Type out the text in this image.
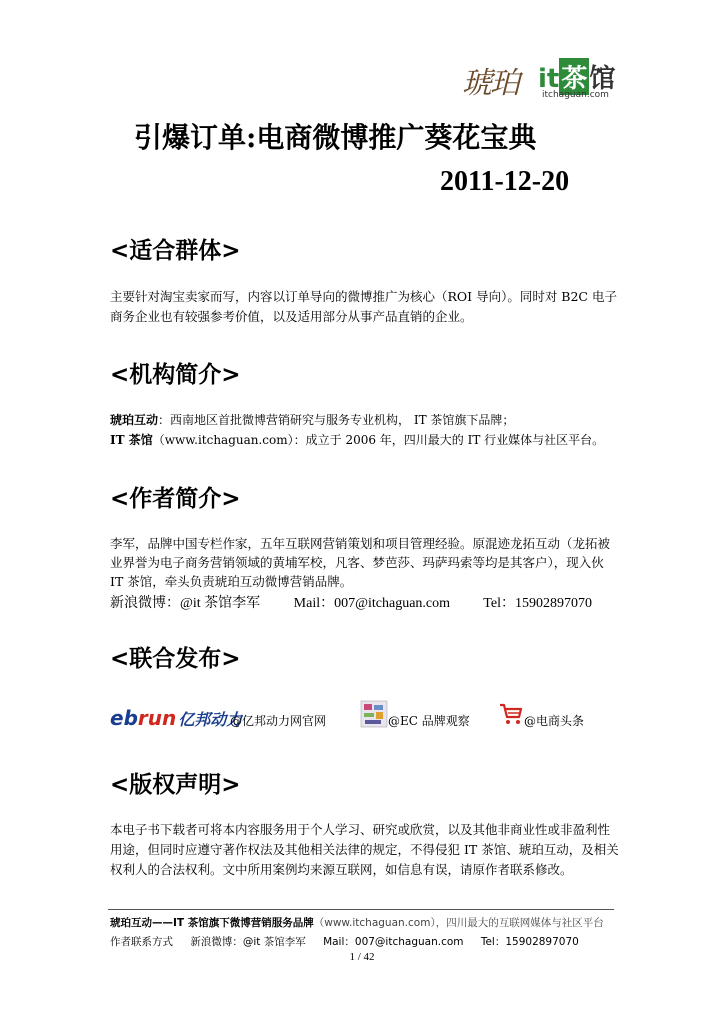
琥珀 it茶馆
itchaguan.com
引爆订单:电商微博推广葵花宝典
2011-12-20
<适合群体>
主要针对淘宝卖家而写，内容以订单导向的微博推广为核心（ROI 导向）。同时对 B2C 电子商务企业也有较强参考价值，以及适用部分从事产品直销的企业。
<机构简介>
琥珀互动：西南地区首批微博营销研究与服务专业机构， IT 茶馆旗下品牌；
IT 茶馆（www.itchaguan.com）：成立于 2006 年，四川最大的 IT 行业媒体与社区平台。
<作者简介>
李军，品牌中国专栏作家，五年互联网营销策划和项目管理经验。原混迹龙拓互动（龙拓被业界誉为电子商务营销领域的黄埔军校，凡客、梦芭莎、玛萨玛索等均是其客户），现入伙 IT 茶馆，牵头负责琥珀互动微博营销品牌。
新浪微博：@it 茶馆李军 Mail：007@itchaguan.com Tel：15902897070
<联合发布>
ebrun 亿邦动力
@亿邦动力网官网	@EC 品牌观察	@电商头条
<版权声明>
本电子书下载者可将本内容服务用于个人学习、研究或欣赏，以及其他非商业性或非盈利性用途，但同时应遵守著作权法及其他相关法律的规定，不得侵犯 IT 茶馆、琥珀互动，及相关权利人的合法权利。文中所用案例均来源互联网，如信息有误，请原作者联系修改。
琥珀互动——IT 茶馆旗下微博营销服务品牌（www.itchaguan.com），四川最大的互联网媒体与社区平台
作者联系方式 新浪微博：@it 茶馆李军 Mail：007@itchaguan.com Tel：15902897070
1 / 42
